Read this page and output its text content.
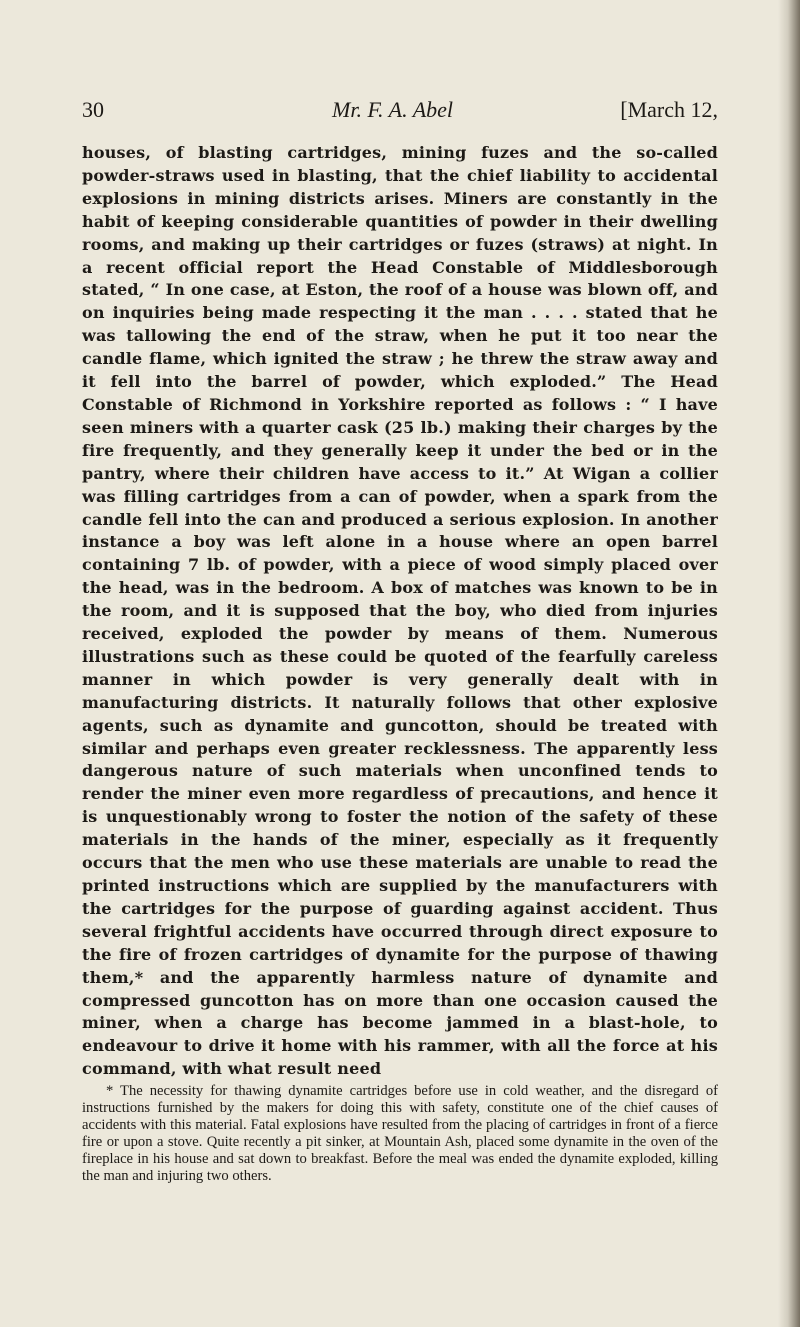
30	Mr. F. A. Abel	[March 12,

houses, of blasting cartridges, mining fuzes and the so-called powder-straws used in blasting, that the chief liability to accidental explosions in mining districts arises. Miners are constantly in the habit of keeping considerable quantities of powder in their dwelling rooms, and making up their cartridges or fuzes (straws) at night. In a recent official report the Head Constable of Middlesborough stated, “ In one case, at Eston, the roof of a house was blown off, and on inquiries being made respecting it the man . . . . stated that he was tallowing the end of the straw, when he put it too near the candle flame, which ignited the straw ; he threw the straw away and it fell into the barrel of powder, which exploded.” The Head Constable of Richmond in Yorkshire reported as follows : “ I have seen miners with a quarter cask (25 lb.) making their charges by the fire frequently, and they generally keep it under the bed or in the pantry, where their children have access to it.” At Wigan a collier was filling cartridges from a can of powder, when a spark from the candle fell into the can and produced a serious explosion. In another instance a boy was left alone in a house where an open barrel containing 7 lb. of powder, with a piece of wood simply placed over the head, was in the bedroom. A box of matches was known to be in the room, and it is supposed that the boy, who died from injuries received, exploded the powder by means of them. Numerous illustrations such as these could be quoted of the fearfully careless manner in which powder is very generally dealt with in manufacturing districts. It naturally follows that other explosive agents, such as dynamite and guncotton, should be treated with similar and perhaps even greater recklessness. The apparently less dangerous nature of such materials when unconfined tends to render the miner even more regardless of precautions, and hence it is unquestionably wrong to foster the notion of the safety of these materials in the hands of the miner, especially as it frequently occurs that the men who use these materials are unable to read the printed instructions which are supplied by the manufacturers with the cartridges for the purpose of guarding against accident. Thus several frightful accidents have occurred through direct exposure to the fire of frozen cartridges of dynamite for the purpose of thawing them,* and the apparently harmless nature of dynamite and compressed guncotton has on more than one occasion caused the miner, when a charge has become jammed in a blast-hole, to endeavour to drive it home with his rammer, with all the force at his command, with what result need

* The necessity for thawing dynamite cartridges before use in cold weather, and the disregard of instructions furnished by the makers for doing this with safety, constitute one of the chief causes of accidents with this material. Fatal explosions have resulted from the placing of cartridges in front of a fierce fire or upon a stove. Quite recently a pit sinker, at Mountain Ash, placed some dynamite in the oven of the fireplace in his house and sat down to breakfast. Before the meal was ended the dynamite exploded, killing the man and injuring two others.
